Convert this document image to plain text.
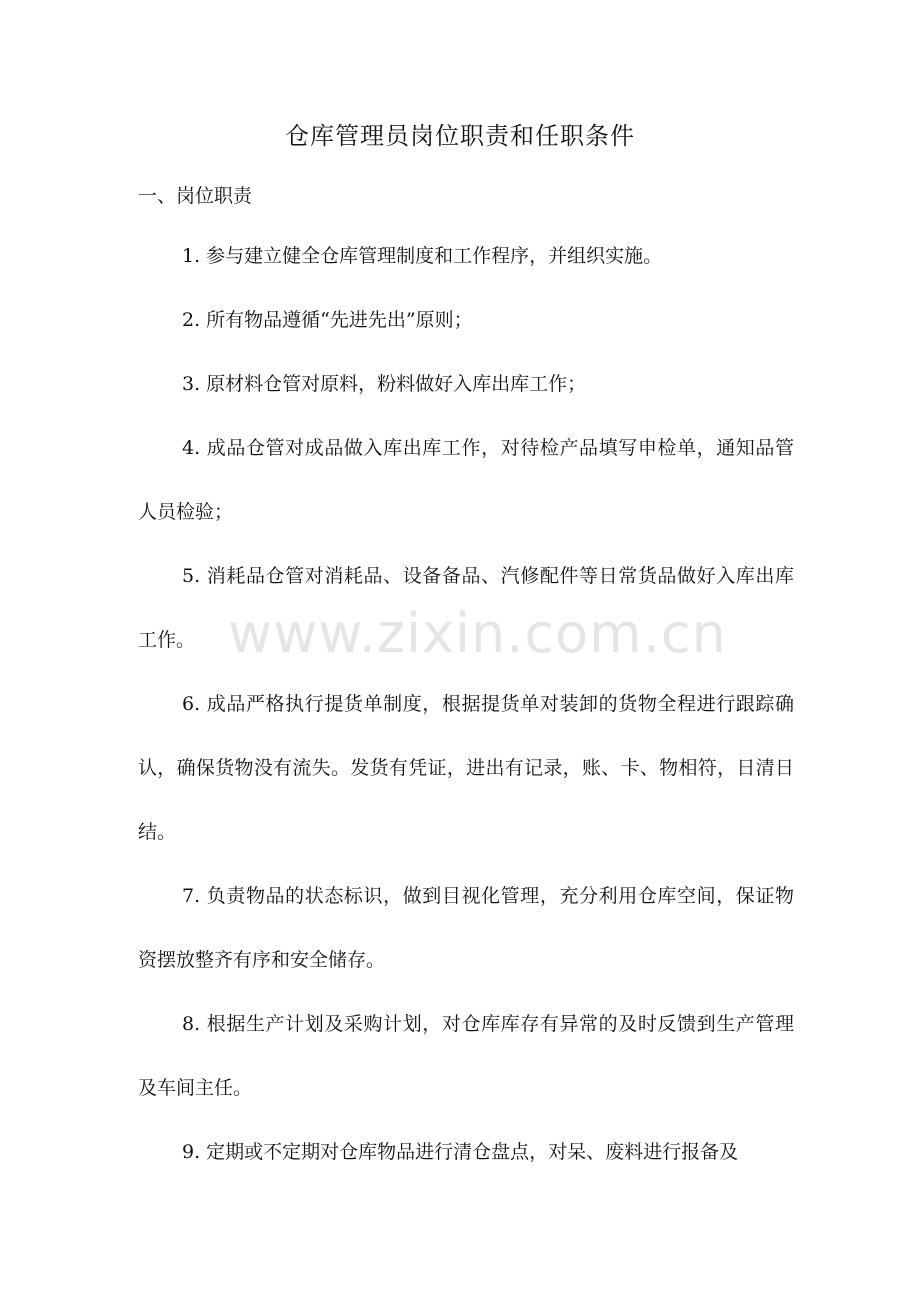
仓库管理员岗位职责和任职条件
一、岗位职责
1. 参与建立健全仓库管理制度和工作程序，并组织实施。
2. 所有物品遵循“先进先出”原则；
3. 原材料仓管对原料，粉料做好入库出库工作；
4. 成品仓管对成品做入库出库工作，对待检产品填写申检单，通知品管人员检验；
5. 消耗品仓管对消耗品、设备备品、汽修配件等日常货品做好入库出库工作。
6. 成品严格执行提货单制度，根据提货单对装卸的货物全程进行跟踪确认，确保货物没有流失。发货有凭证，进出有记录，账、卡、物相符，日清日结。
7. 负责物品的状态标识，做到目视化管理，充分利用仓库空间，保证物资摆放整齐有序和安全储存。
8. 根据生产计划及采购计划，对仓库库存有异常的及时反馈到生产管理及车间主任。
9. 定期或不定期对仓库物品进行清仓盘点，对呆、废料进行报备及
www.zixin.com.cn
